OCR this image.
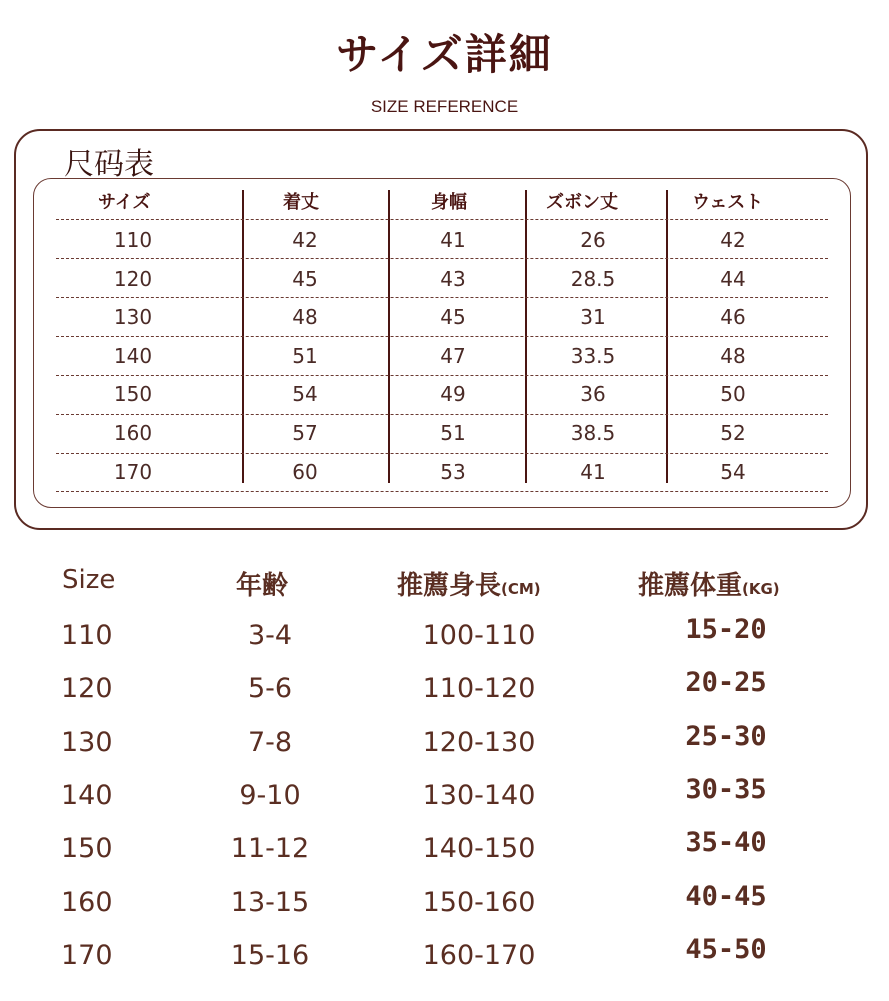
サイズ詳細
SIZE REFERENCE
尺码表
サイズ	着丈	身幅	ズボン丈	ウェスト
110	42	41	26	42
120	45	43	28.5	44
130	48	45	31	46
140	51	47	33.5	48
150	54	49	36	50
160	57	51	38.5	52
170	60	53	41	54
Size	年齢	推薦身長(CM)	推薦体重(KG)
110	3-4	100-110	15-20
120	5-6	110-120	20-25
130	7-8	120-130	25-30
140	9-10	130-140	30-35
150	11-12	140-150	35-40
160	13-15	150-160	40-45
170	15-16	160-170	45-50
